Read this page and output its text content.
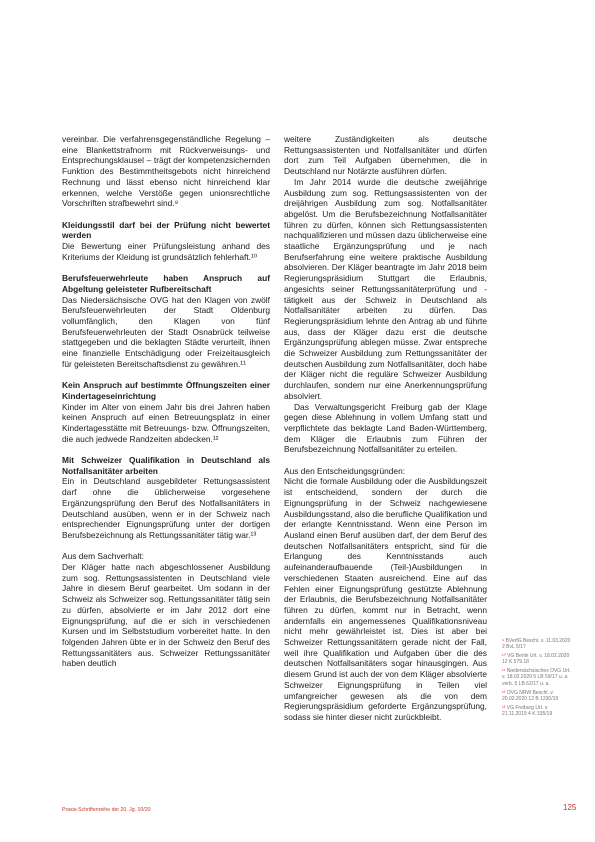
vereinbar. Die verfahrensgegenständliche Regelung – eine Blankettstrafnorm mit Rückverweisungs- und Entsprechungsklausel – trägt der kompetenzsichernden Funktion des Bestimmtheitsgebots nicht hinreichend Rechnung und lässt ebenso nicht hinreichend klar erkennen, welche Verstöße gegen unionsrechtliche Vorschriften strafbewehrt sind.⁹

Kleidungsstil darf bei der Prüfung nicht bewertet werden

Die Bewertung einer Prüfungsleistung anhand des Kriteriums der Kleidung ist grundsätzlich fehlerhaft.¹⁰

Berufsfeuerwehrleute haben Anspruch auf Abgeltung geleisteter Rufbereitschaft

Das Niedersächsische OVG hat den Klagen von zwölf Berufsfeuerwehrleuten der Stadt Oldenburg vollumfänglich, den Klagen von fünf Berufsfeuerwehrleuten der Stadt Osnabrück teilweise stattgegeben und die beklagten Städte verurteilt, ihnen eine finanzielle Entschädigung oder Freizeitausgleich für geleisteten Bereitschaftsdienst zu gewähren.¹¹

Kein Anspruch auf bestimmte Öffnungszeiten einer Kindertageseinrichtung

Kinder im Alter von einem Jahr bis drei Jahren haben keinen Anspruch auf einen Betreuungsplatz in einer Kindertagesstätte mit Betreuungs- bzw. Öffnungszeiten, die auch jedwede Randzeiten abdecken.¹²

Mit Schweizer Qualifikation in Deutschland als Notfallsanitäter arbeiten

Ein in Deutschland ausgebildeter Rettungsassistent darf ohne die üblicherweise vorgesehene Ergänzungsprüfung den Beruf des Notfallsanitäters in Deutschland ausüben, wenn er in der Schweiz nach entsprechender Eignungsprüfung unter der dortigen Berufsbezeichnung als Rettungssanitäter tätig war.¹³

Aus dem Sachverhalt:

Der Kläger hatte nach abgeschlossener Ausbildung zum sog. Rettungsassistenten in Deutschland viele Jahre in diesem Beruf gearbeitet. Um sodann in der Schweiz als Schweizer sog. Rettungssanitäter tätig sein zu dürfen, absolvierte er im Jahr 2012 dort eine Eignungsprüfung, auf die er sich in verschiedenen Kursen und im Selbststudium vorbereitet hatte. In den folgenden Jahren übte er in der Schweiz den Beruf des Rettungssanitäters aus. Schweizer Rettungssanitäter haben deutlich

weitere Zuständigkeiten als deutsche Rettungsassistenten und Notfallsanitäter und dürfen dort zum Teil Aufgaben übernehmen, die in Deutschland nur Notärzte ausführen dürfen.

Im Jahr 2014 wurde die deutsche zweijährige Ausbildung zum sog. Rettungsassistenten von der dreijährigen Ausbildung zum sog. Notfallsanitäter abgelöst. Um die Berufsbezeichnung Notfallsanitäter führen zu dürfen, können sich Rettungsassistenten nachqualifizieren und müssen dazu üblicherweise eine staatliche Ergänzungsprüfung und je nach Berufserfahrung eine weitere praktische Ausbildung absolvieren. Der Kläger beantragte im Jahr 2018 beim Regierungspräsidium Stuttgart die Erlaubnis, angesichts seiner Rettungssanitäterprüfung und -tätigkeit aus der Schweiz in Deutschland als Notfallsanitäter arbeiten zu dürfen. Das Regierungspräsidium lehnte den Antrag ab und führte aus, dass der Kläger dazu erst die deutsche Ergänzungsprüfung ablegen müsse. Zwar entspreche die Schweizer Ausbildung zum Rettungssanitäter der deutschen Ausbildung zum Notfallsanitäter, doch habe der Kläger nicht die reguläre Schweizer Ausbildung durchlaufen, sondern nur eine Anerkennungsprüfung absolviert.

Das Verwaltungsgericht Freiburg gab der Klage gegen diese Ablehnung in vollem Umfang statt und verpflichtete das beklagte Land Baden-Württemberg, dem Kläger die Erlaubnis zum Führen der Berufsbezeichnung Notfallsanitäter zu erteilen.

Aus den Entscheidungsgründen:

Nicht die formale Ausbildung oder die Ausbildungszeit ist entscheidend, sondern der durch die Eignungsprüfung in der Schweiz nachgewiesene Ausbildungsstand, also die berufliche Qualifikation und der erlangte Kenntnisstand. Wenn eine Person im Ausland einen Beruf ausüben darf, der dem Beruf des deutschen Notfallsanitäters entspricht, sind für die Erlangung des Kenntnisstands auch aufeinanderaufbauende (Teil-)Ausbildungen in verschiedenen Staaten ausreichend. Eine auf das Fehlen einer Eignungsprüfung gestützte Ablehnung der Erlaubnis, die Berufsbezeichnung Notfallsanitäter führen zu dürfen, kommt nur in Betracht, wenn andernfalls ein angemessenes Qualifikationsniveau nicht mehr gewährleistet ist. Dies ist aber bei Schweizer Rettungssanitätern gerade nicht der Fall, weil ihre Qualifikation und Aufgaben über die des deutschen Notfallsanitäters sogar hinausgingen. Aus diesem Grund ist auch der von dem Kläger absolvierte Schweizer Eignungsprüfung in Teilen viel umfangreicher gewesen als die von dem Regierungspräsidium geforderte Ergänzungsprüfung, sodass sie hinter dieser nicht zurückbleibt.

⁹ BVerfG Beschl. v. 11.03.2020 2 BvL 5/17
¹⁰ VG Berlin Urt. v. 18.02.2020 12 K 579.18
¹¹ Niedersächsisches OVG Urt. v. 18.02.2020 5 LB 59/17 u. a. verb. 5 LB 62/17 u. a.
¹² OVG NRW Beschl. v. 20.02.2020 12 B 1330/19
¹³ VG Freiburg Urt. v. 21.11.2019 4 K 335/19
Praxis-Schriftenreihe der 20. Jg. 10/20	125
